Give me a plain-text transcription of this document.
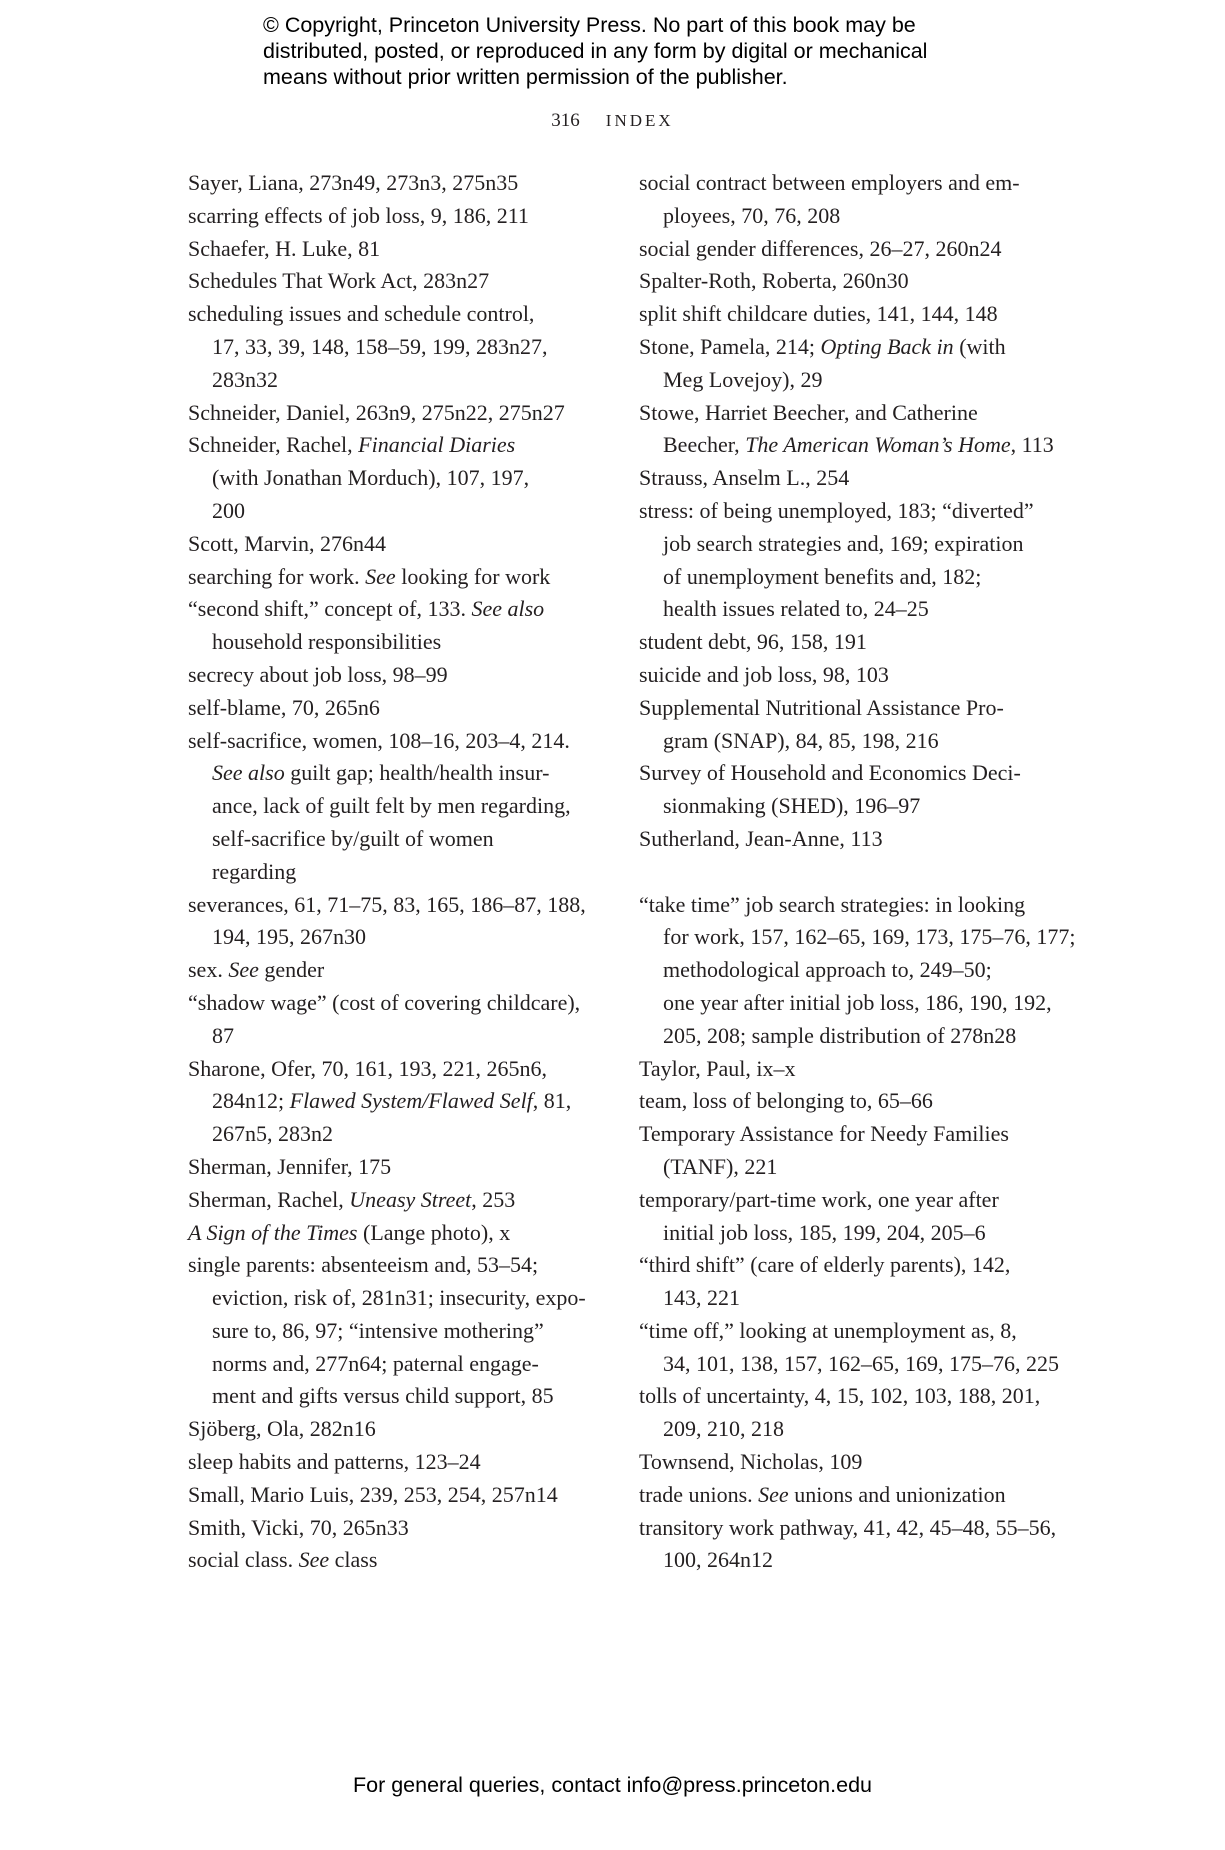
© Copyright, Princeton University Press. No part of this book may be
distributed, posted, or reproduced in any form by digital or mechanical
means without prior written permission of the publisher.
316 INDEX
Sayer, Liana, 273n49, 273n3, 275n35
scarring effects of job loss, 9, 186, 211
Schaefer, H. Luke, 81
Schedules That Work Act, 283n27
scheduling issues and schedule control,
17, 33, 39, 148, 158–59, 199, 283n27,
283n32
Schneider, Daniel, 263n9, 275n22, 275n27
Schneider, Rachel, Financial Diaries
(with Jonathan Morduch), 107, 197,
200
Scott, Marvin, 276n44
searching for work. See looking for work
“second shift,” concept of, 133. See also
household responsibilities
secrecy about job loss, 98–99
self-blame, 70, 265n6
self-sacrifice, women, 108–16, 203–4, 214.
See also guilt gap; health/health insur-
ance, lack of guilt felt by men regarding,
self-sacrifice by/guilt of women
regarding
severances, 61, 71–75, 83, 165, 186–87, 188,
194, 195, 267n30
sex. See gender
“shadow wage” (cost of covering childcare),
87
Sharone, Ofer, 70, 161, 193, 221, 265n6,
284n12; Flawed System/Flawed Self, 81,
267n5, 283n2
Sherman, Jennifer, 175
Sherman, Rachel, Uneasy Street, 253
A Sign of the Times (Lange photo), x
single parents: absenteeism and, 53–54;
eviction, risk of, 281n31; insecurity, expo-
sure to, 86, 97; “intensive mothering”
norms and, 277n64; paternal engage-
ment and gifts versus child support, 85
Sjöberg, Ola, 282n16
sleep habits and patterns, 123–24
Small, Mario Luis, 239, 253, 254, 257n14
Smith, Vicki, 70, 265n33
social class. See class
social contract between employers and em-
ployees, 70, 76, 208
social gender differences, 26–27, 260n24
Spalter-Roth, Roberta, 260n30
split shift childcare duties, 141, 144, 148
Stone, Pamela, 214; Opting Back in (with
Meg Lovejoy), 29
Stowe, Harriet Beecher, and Catherine
Beecher, The American Woman’s Home, 113
Strauss, Anselm L., 254
stress: of being unemployed, 183; “diverted”
job search strategies and, 169; expiration
of unemployment benefits and, 182;
health issues related to, 24–25
student debt, 96, 158, 191
suicide and job loss, 98, 103
Supplemental Nutritional Assistance Pro-
gram (SNAP), 84, 85, 198, 216
Survey of Household and Economics Deci-
sionmaking (SHED), 196–97
Sutherland, Jean-Anne, 113
“take time” job search strategies: in looking
for work, 157, 162–65, 169, 173, 175–76, 177;
methodological approach to, 249–50;
one year after initial job loss, 186, 190, 192,
205, 208; sample distribution of 278n28
Taylor, Paul, ix–x
team, loss of belonging to, 65–66
Temporary Assistance for Needy Families
(TANF), 221
temporary/part-time work, one year after
initial job loss, 185, 199, 204, 205–6
“third shift” (care of elderly parents), 142,
143, 221
“time off,” looking at unemployment as, 8,
34, 101, 138, 157, 162–65, 169, 175–76, 225
tolls of uncertainty, 4, 15, 102, 103, 188, 201,
209, 210, 218
Townsend, Nicholas, 109
trade unions. See unions and unionization
transitory work pathway, 41, 42, 45–48, 55–56,
100, 264n12
For general queries, contact info@press.princeton.edu
